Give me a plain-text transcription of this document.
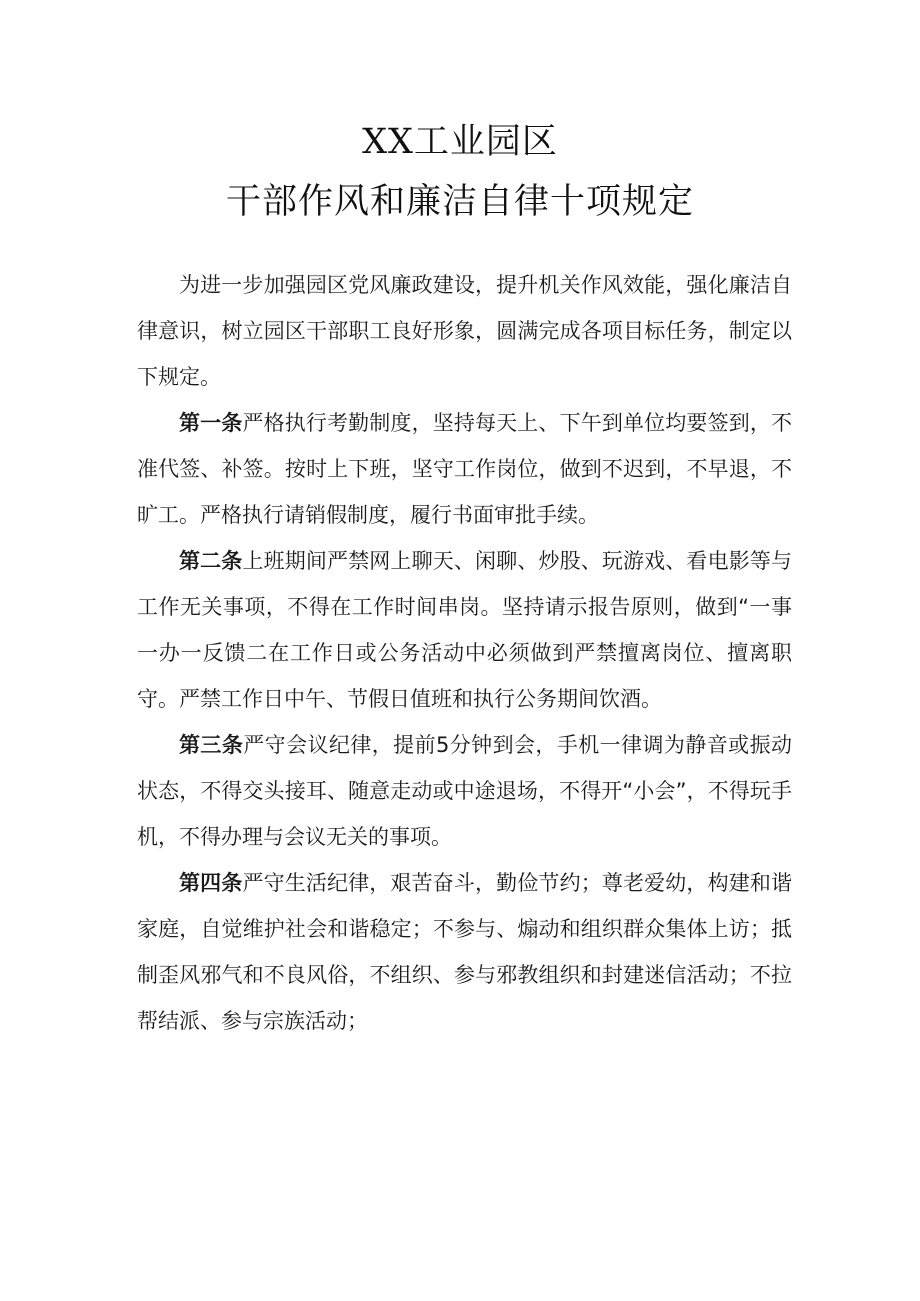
XX工业园区
干部作风和廉洁自律十项规定

为进一步加强园区党风廉政建设，提升机关作风效能，强化廉洁自律意识，树立园区干部职工良好形象，圆满完成各项目标任务，制定以下规定。

第一条严格执行考勤制度，坚持每天上、下午到单位均要签到，不准代签、补签。按时上下班，坚守工作岗位，做到不迟到，不早退，不旷工。严格执行请销假制度，履行书面审批手续。

第二条上班期间严禁网上聊天、闲聊、炒股、玩游戏、看电影等与工作无关事项，不得在工作时间串岗。坚持请示报告原则，做到“一事一办一反馈二在工作日或公务活动中必须做到严禁擅离岗位、擅离职守。严禁工作日中午、节假日值班和执行公务期间饮酒。

第三条严守会议纪律，提前5分钟到会，手机一律调为静音或振动状态，不得交头接耳、随意走动或中途退场，不得开“小会”，不得玩手机，不得办理与会议无关的事项。

第四条严守生活纪律，艰苦奋斗，勤俭节约；尊老爱幼，构建和谐家庭，自觉维护社会和谐稳定；不参与、煽动和组织群众集体上访；抵制歪风邪气和不良风俗，不组织、参与邪教组织和封建迷信活动；不拉帮结派、参与宗族活动；
